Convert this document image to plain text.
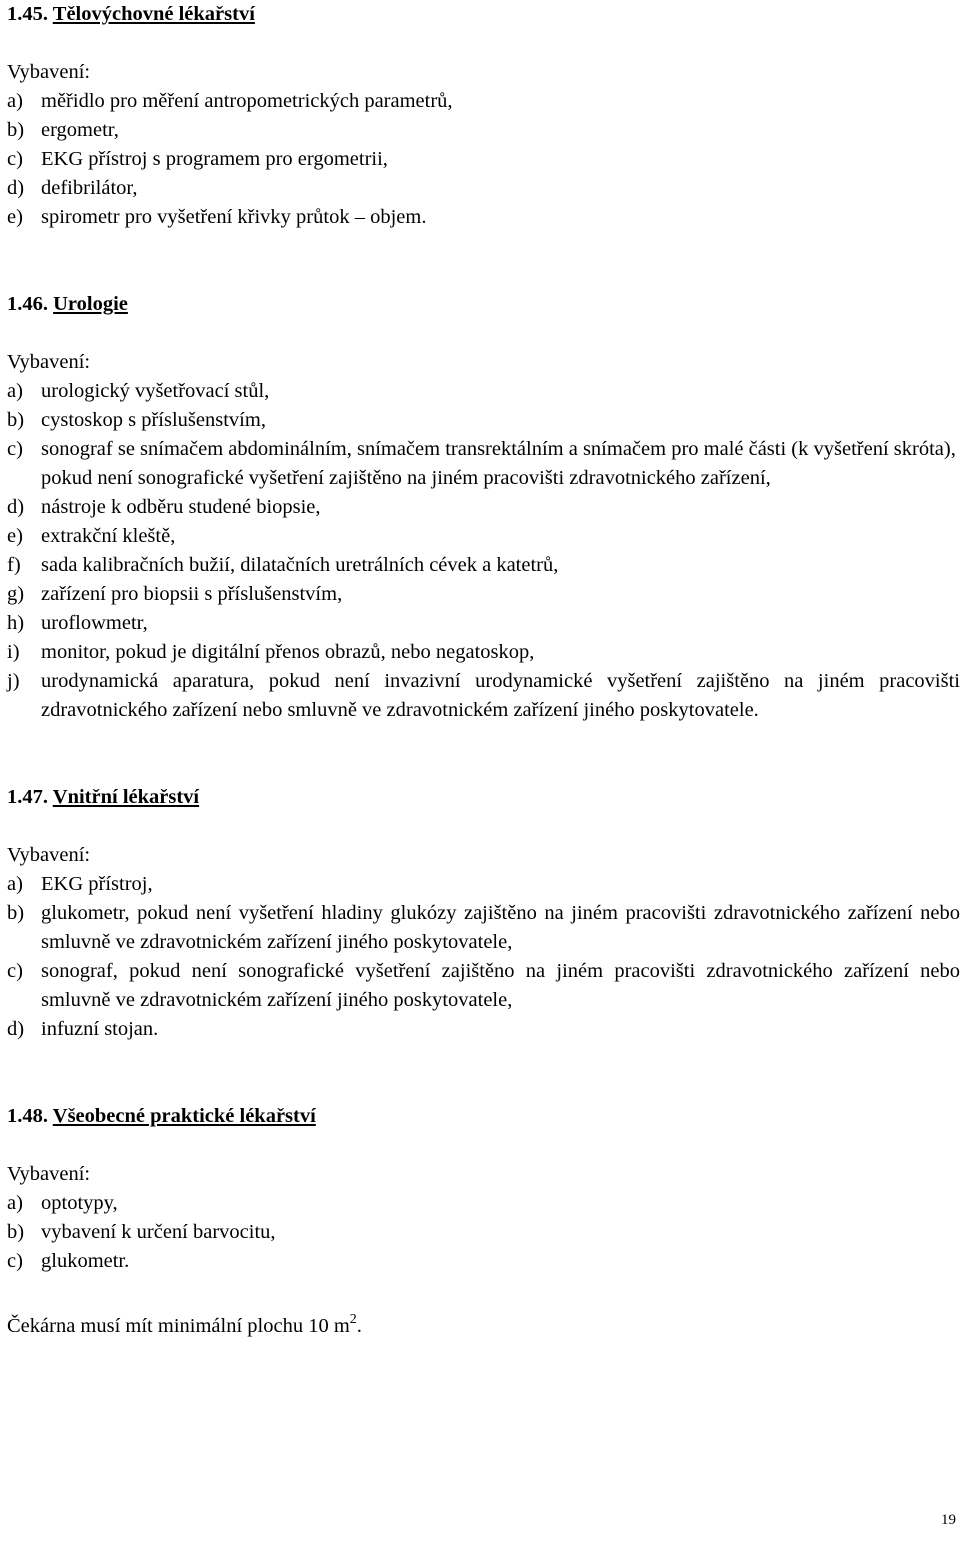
1.45. Tělovýchovné lékařství

Vybavení:

a) měřidlo pro měření antropometrických parametrů,
b) ergometr,
c) EKG přístroj s programem pro ergometrii,
d) defibrilátor,
e) spirometr pro vyšetření křivky průtok – objem.

1.46. Urologie

Vybavení:

a) urologický vyšetřovací stůl,
b) cystoskop s příslušenstvím,
c) sonograf se snímačem abdominálním, snímačem transrektálním a snímačem pro malé části (k vyšetření skróta), pokud není sonografické vyšetření zajištěno na jiném pracovišti zdravotnického zařízení,
d) nástroje k odběru studené biopsie,
e) extrakční kleště,
f) sada kalibračních bužií, dilatačních uretrálních cévek a katetrů,
g) zařízení pro biopsii s příslušenstvím,
h) uroflowmetr,
i) monitor, pokud je digitální přenos obrazů, nebo negatoskop,
j) urodynamická aparatura, pokud není invazivní urodynamické vyšetření zajištěno na jiném pracovišti zdravotnického zařízení nebo smluvně ve zdravotnickém zařízení jiného poskytovatele.

1.47. Vnitřní lékařství

Vybavení:

a) EKG přístroj,
b) glukometr, pokud není vyšetření hladiny glukózy zajištěno na jiném pracovišti zdravotnického zařízení nebo smluvně ve zdravotnickém zařízení jiného poskytovatele,
c) sonograf, pokud není sonografické vyšetření zajištěno na jiném pracovišti zdravotnického zařízení nebo smluvně ve zdravotnickém zařízení jiného poskytovatele,
d) infuzní stojan.

1.48. Všeobecné praktické lékařství

Vybavení:

a) optotypy,
b) vybavení k určení barvocitu,
c) glukometr.

Čekárna musí mít minimální plochu 10 $m^2$.

19
